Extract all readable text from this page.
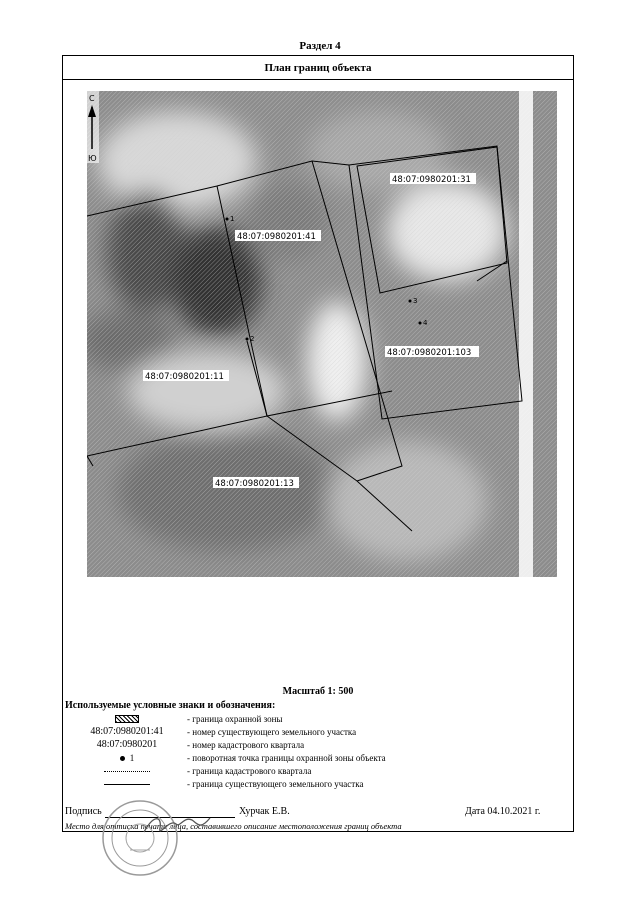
Раздел 4
План границ объекта
48:07:0980201:31
48:07:0980201:41
48:07:0980201:103
48:07:0980201:11
48:07:0980201:13
1
2
3
4
С
Ю
Масштаб 1: 500
Используемые условные знаки и обозначения:
- граница охранной зоны
48:07:0980201:41	- номер существующего земельного участка
48:07:0980201	- номер кадастрового квартала
1	- поворотная точка границы охранной зоны объекта
- граница кадастрового квартала
- граница существующего земельного участка
Подпись	Хурчак Е.В.	Дата 04.10.2021 г.
Место для оттиска печати лица, составившего описание местоположения границ объекта
